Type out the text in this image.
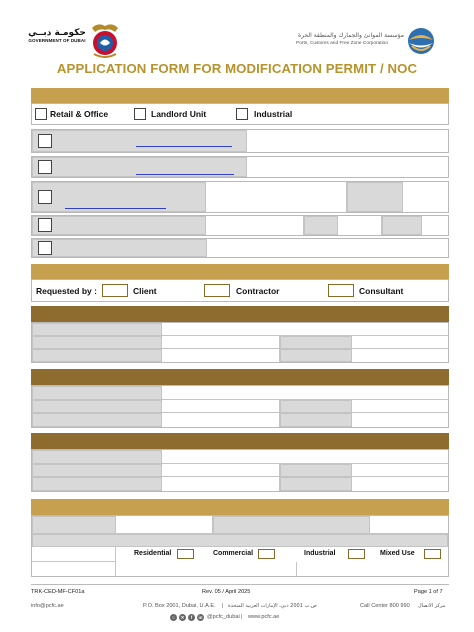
حكومـة دبــي
GOVERNMENT OF DUBAI
مؤسسة الموانئ والجمارك والمنطقة الحرة
Ports, Customs and Free Zone Corporation
APPLICATION FORM FOR MODIFICATION PERMIT / NOC
Retail & Office	Landlord Unit	Industrial
Requested by :	Client	Contractor	Consultant
Residential	Commercial	Industrial	Mixed Use
TRK-CED-MF-CF01a	Rev. 05 / April 2025	Page 1 of 7
info@pcfc.ae	P.O. Box 2001, Dubai, U.A.E. | ص.ب 2001 دبي، الإمارات العربية المتحدة	Call Center 800 990 مركز الاتصال
○	✕	f	in @pcfc_dubai | www.pcfc.ae
